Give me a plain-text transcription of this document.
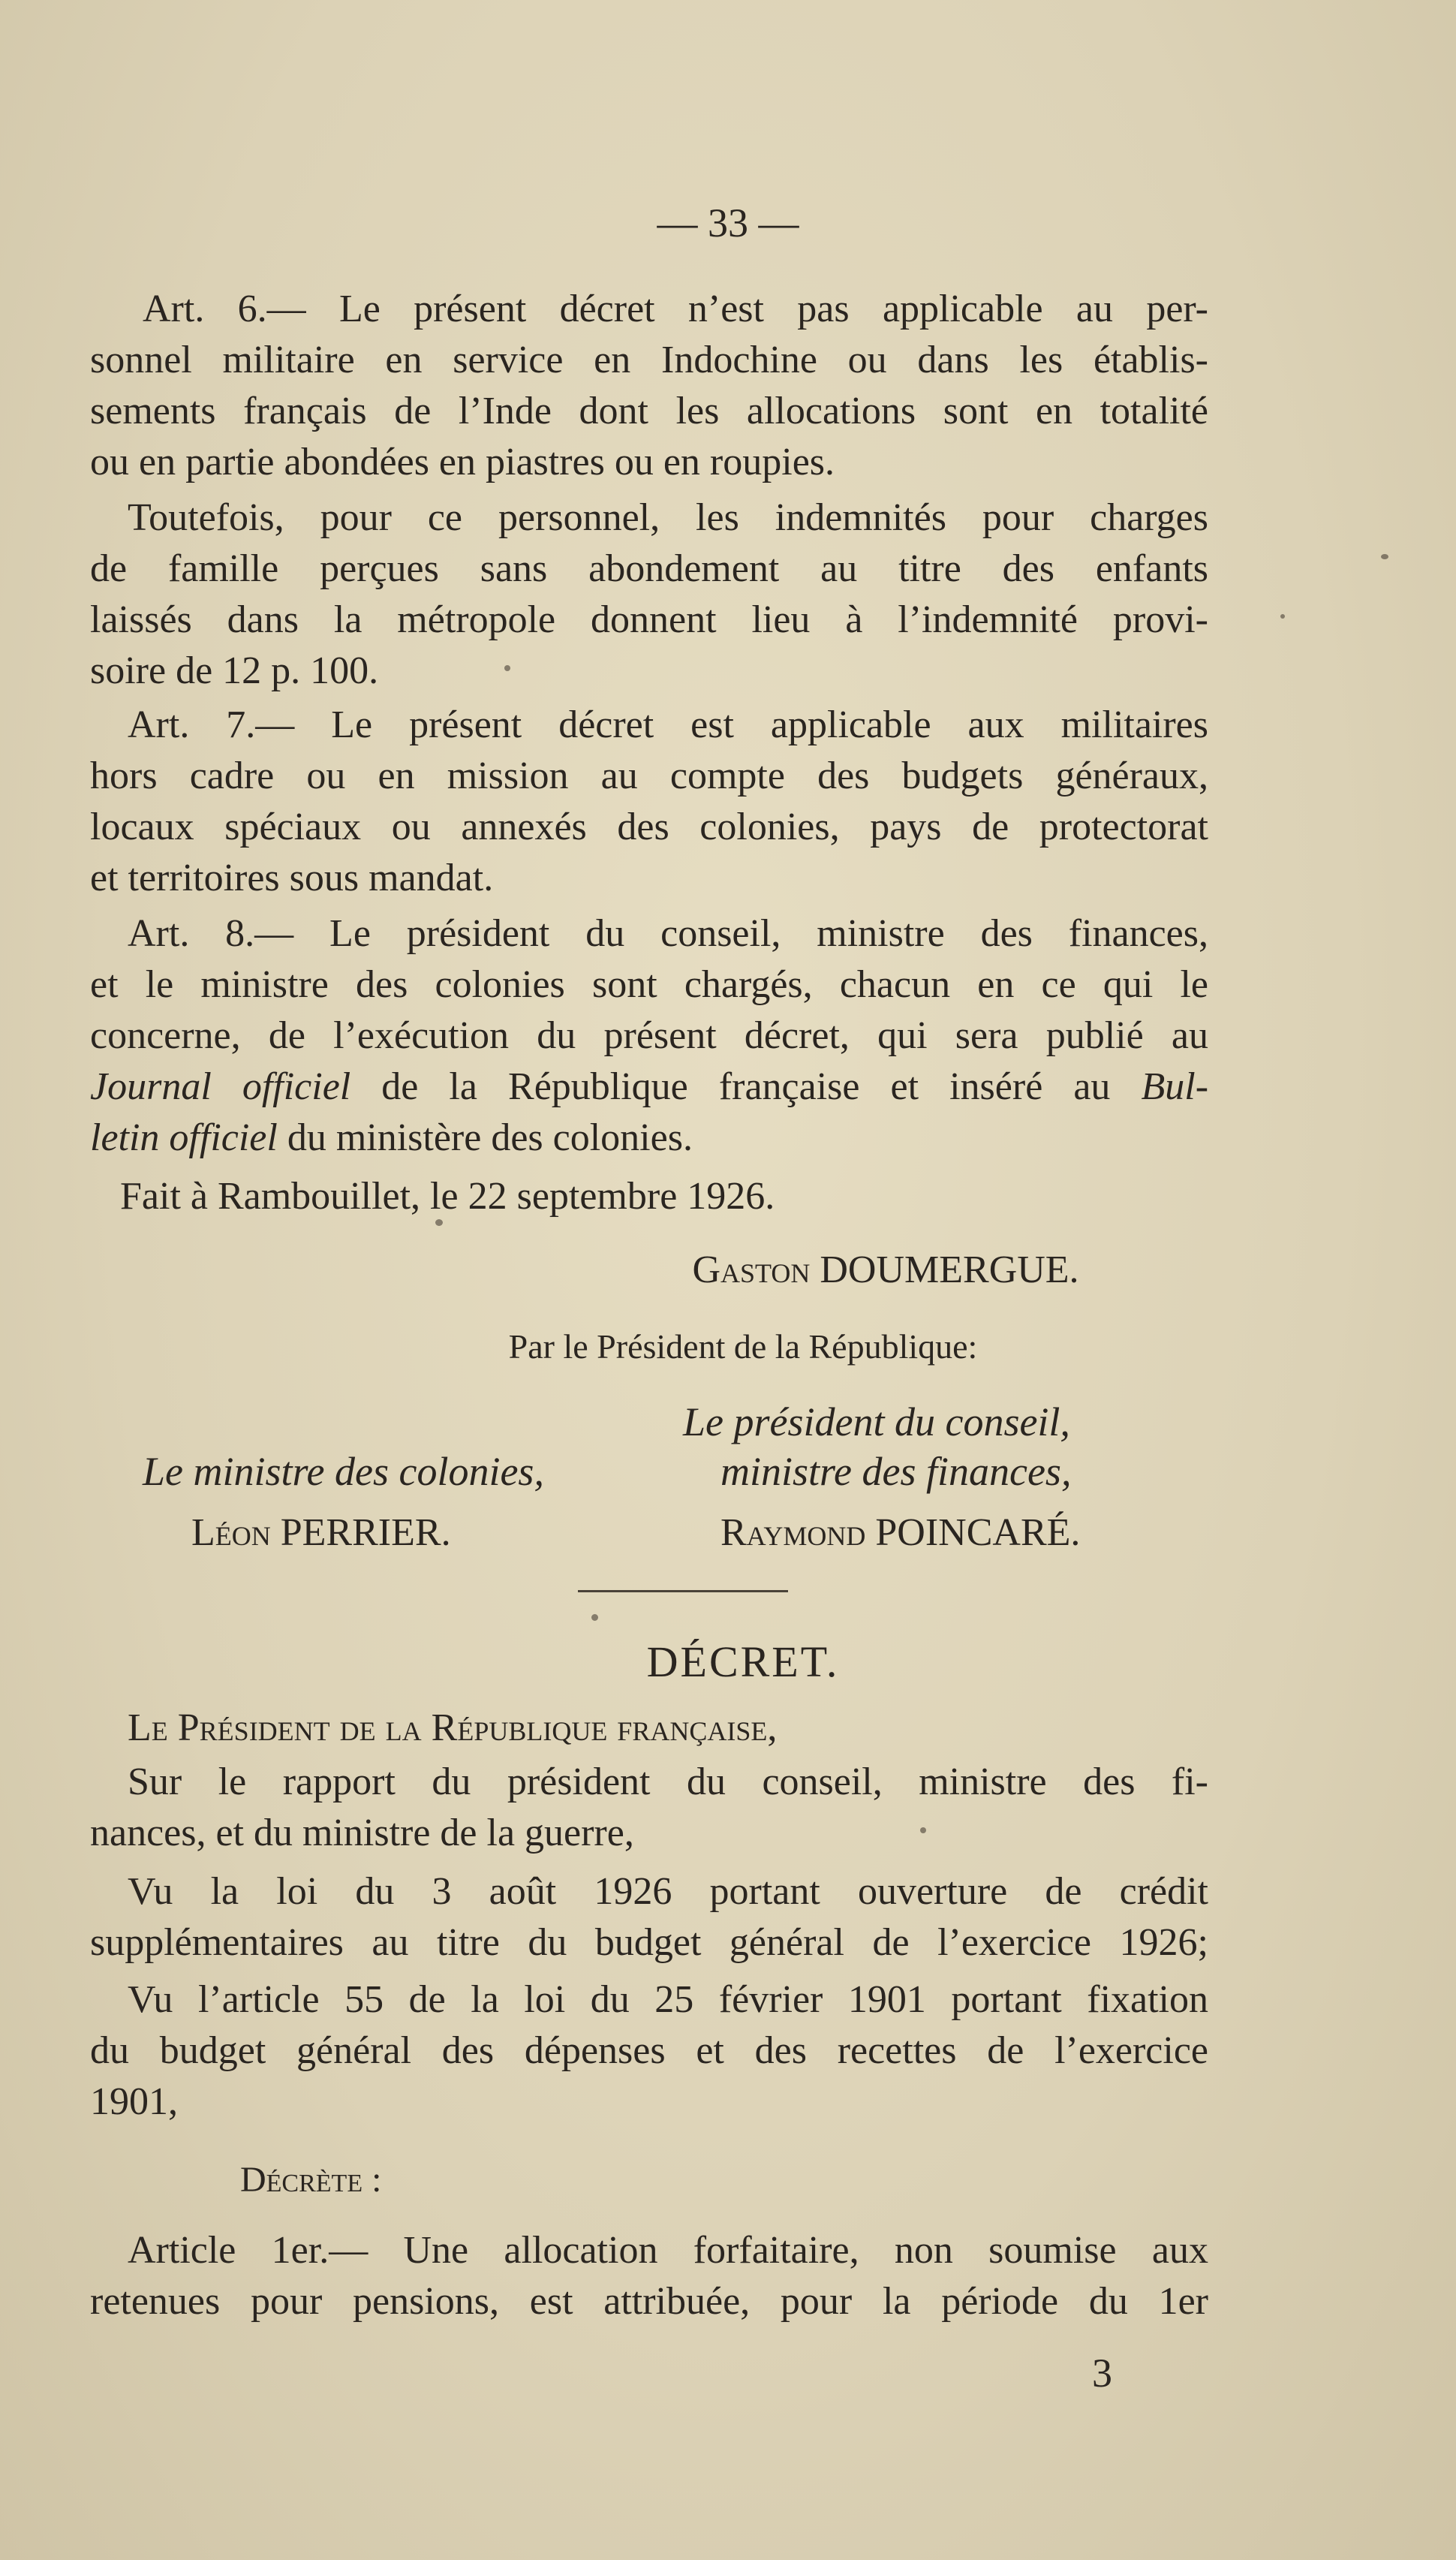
— 33 —

Art. 6.— Le présent décret n’est pas applicable au per-

sonnel militaire en service en Indochine ou dans les établis-

sements français de l’Inde dont les allocations sont en totalité

ou en partie abondées en piastres ou en roupies.

Toutefois, pour ce personnel, les indemnités pour charges

de famille perçues sans abondement au titre des enfants

laissés dans la métropole donnent lieu à l’indemnité provi-

soire de 12 p. 100.

Art. 7.— Le présent décret est applicable aux militaires

hors cadre ou en mission au compte des budgets généraux,

locaux spéciaux ou annexés des colonies, pays de protectorat

et territoires sous mandat.

Art. 8.— Le président du conseil, ministre des finances,

et le ministre des colonies sont chargés, chacun en ce qui le

concerne, de l’exécution du présent décret, qui sera publié au

Journal officiel de la République française et inséré au Bul-

letin officiel du ministère des colonies.

Fait à Rambouillet, le 22 septembre 1926.

Gaston DOUMERGUE.

Par le Président de la République:

Le président du conseil,

Le ministre des colonies,	ministre des finances,

Léon PERRIER.	Raymond POINCARÉ.

DÉCRET.

Le Président de la République française,

Sur le rapport du président du conseil, ministre des fi-

nances, et du ministre de la guerre,

Vu la loi du 3 août 1926 portant ouverture de crédit

supplémentaires au titre du budget général de l’exercice 1926;

Vu l’article 55 de la loi du 25 février 1901 portant fixation

du budget général des dépenses et des recettes de l’exercice

1901,

Décrète :

Article 1er.— Une allocation forfaitaire, non soumise aux

retenues pour pensions, est attribuée, pour la période du 1er

3
